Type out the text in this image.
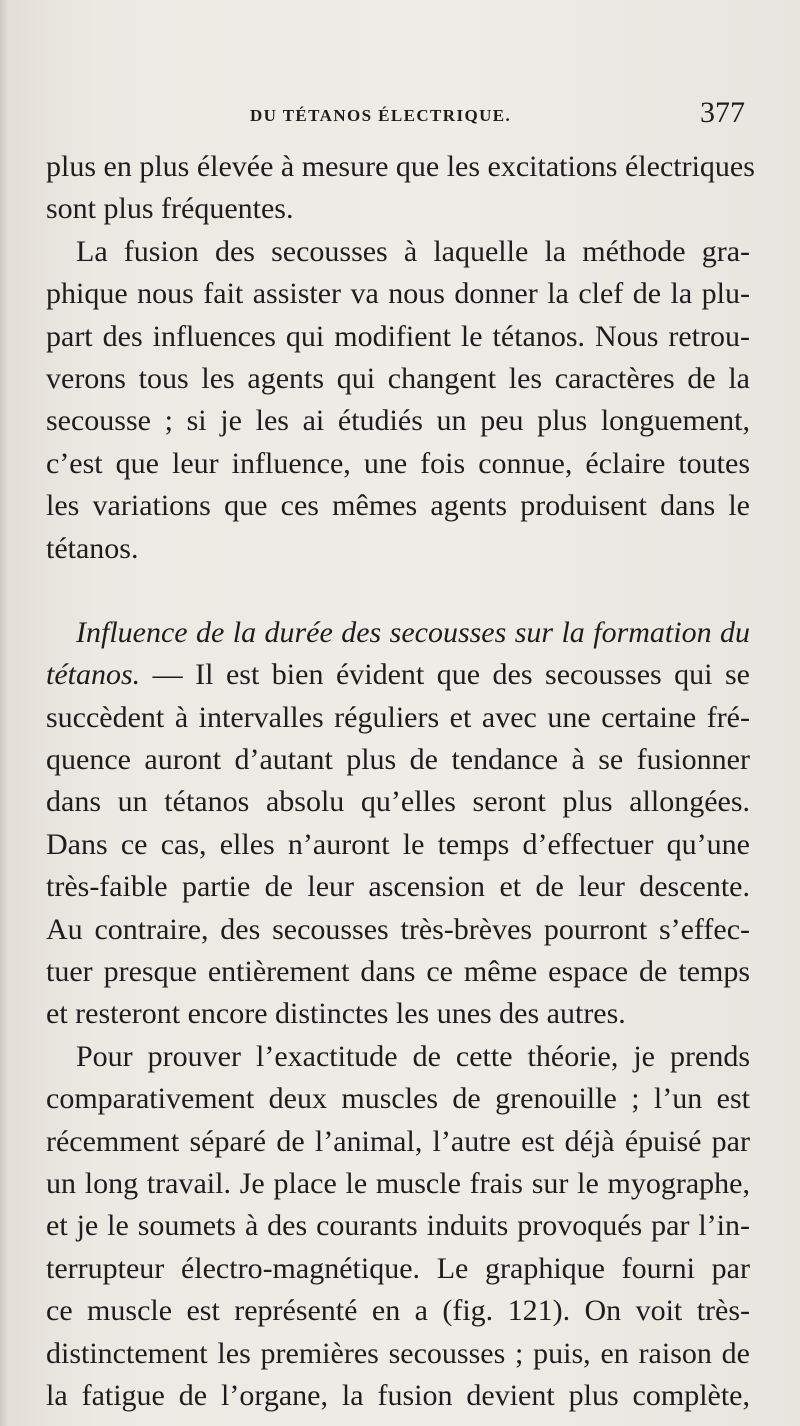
DU TÉTANOS ÉLECTRIQUE.	377
plus en plus élevée à mesure que les excitations électriques
sont plus fréquentes.
La fusion des secousses à laquelle la méthode gra-
phique nous fait assister va nous donner la clef de la plu-
part des influences qui modifient le tétanos. Nous retrou-
verons tous les agents qui changent les caractères de la
secousse ; si je les ai étudiés un peu plus longuement,
c’est que leur influence, une fois connue, éclaire toutes
les variations que ces mêmes agents produisent dans le
tétanos.
Influence de la durée des secousses sur la formation du
tétanos. — Il est bien évident que des secousses qui se
succèdent à intervalles réguliers et avec une certaine fré-
quence auront d’autant plus de tendance à se fusionner
dans un tétanos absolu qu’elles seront plus allongées.
Dans ce cas, elles n’auront le temps d’effectuer qu’une
très-faible partie de leur ascension et de leur descente.
Au contraire, des secousses très-brèves pourront s’effec-
tuer presque entièrement dans ce même espace de temps
et resteront encore distinctes les unes des autres.
Pour prouver l’exactitude de cette théorie, je prends
comparativement deux muscles de grenouille ; l’un est
récemment séparé de l’animal, l’autre est déjà épuisé par
un long travail. Je place le muscle frais sur le myographe,
et je le soumets à des courants induits provoqués par l’in-
terrupteur électro-magnétique. Le graphique fourni par
ce muscle est représenté en a (fig. 121). On voit très-
distinctement les premières secousses ; puis, en raison de
la fatigue de l’organe, la fusion devient plus complète,
